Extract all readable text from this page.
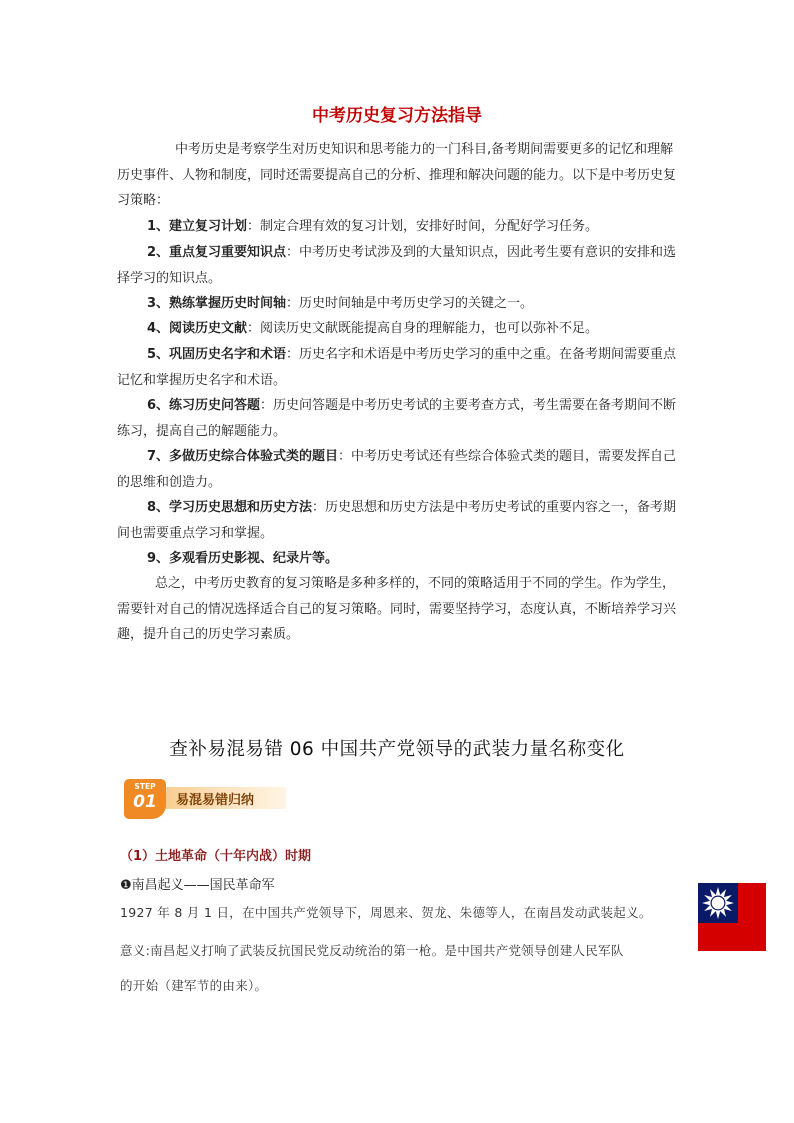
中考历史复习方法指导

中考历史是考察学生对历史知识和思考能力的一门科目,备考期间需要更多的记忆和理解历史事件、人物和制度，同时还需要提高自己的分析、推理和解决问题的能力。以下是中考历史复习策略：

1、建立复习计划：制定合理有效的复习计划，安排好时间，分配好学习任务。
2、重点复习重要知识点：中考历史考试涉及到的大量知识点，因此考生要有意识的安排和选择学习的知识点。
3、熟练掌握历史时间轴：历史时间轴是中考历史学习的关键之一。
4、阅读历史文献：阅读历史文献既能提高自身的理解能力，也可以弥补不足。
5、巩固历史名字和术语：历史名字和术语是中考历史学习的重中之重。在备考期间需要重点记忆和掌握历史名字和术语。
6、练习历史问答题：历史问答题是中考历史考试的主要考查方式，考生需要在备考期间不断练习，提高自己的解题能力。
7、多做历史综合体验式类的题目：中考历史考试还有些综合体验式类的题目，需要发挥自己的思维和创造力。
8、学习历史思想和历史方法：历史思想和历史方法是中考历史考试的重要内容之一，备考期间也需要重点学习和掌握。
9、多观看历史影视、纪录片等。

总之，中考历史教育的复习策略是多种多样的，不同的策略适用于不同的学生。作为学生，需要针对自己的情况选择适合自己的复习策略。同时，需要坚持学习，态度认真，不断培养学习兴趣，提升自己的历史学习素质。

查补易混易错 06 中国共产党领导的武装力量名称变化
STEP
01	易混易错归纳
（1）土地革命（十年内战）时期
❶南昌起义——国民革命军
1927 年 8 月 1 日，在中国共产党领导下，周恩来、贺龙、朱德等人，在南昌发动武装起义。
意义:南昌起义打响了武装反抗国民党反动统治的第一枪。是中国共产党领导创建人民军队
的开始（建军节的由来）。
